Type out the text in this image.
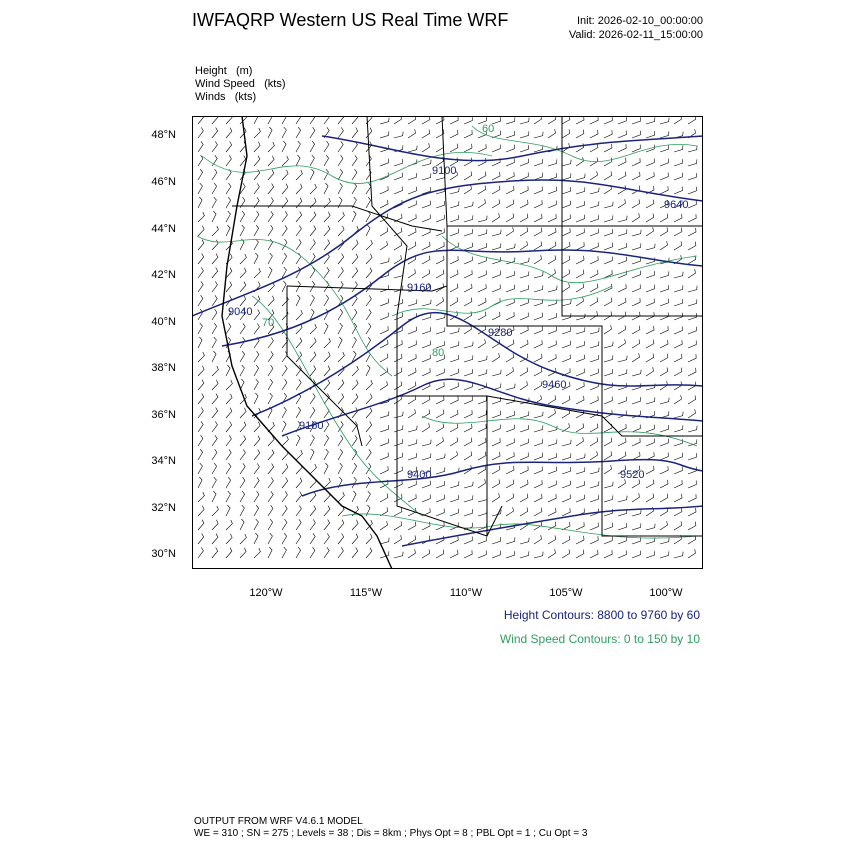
IWFAQRP Western US Real Time WRF	Init: 2026-02-10_00:00:00
Valid: 2026-02-11_15:00:00
Height   (m)
Wind Speed   (kts)
Winds   (kts)
9040
9160
9160
9100
9280
9400
9460
9520
9640
60
70
80
48°N
46°N
44°N
42°N
40°N
38°N
36°N
34°N
32°N
30°N
120°W	115°W	110°W	105°W	100°W
Height Contours: 8800 to 9760 by 60
Wind Speed Contours: 0 to 150 by 10
OUTPUT FROM WRF V4.6.1 MODEL
WE = 310 ; SN = 275 ; Levels = 38 ; Dis = 8km ; Phys Opt = 8 ; PBL Opt = 1 ; Cu Opt = 3
